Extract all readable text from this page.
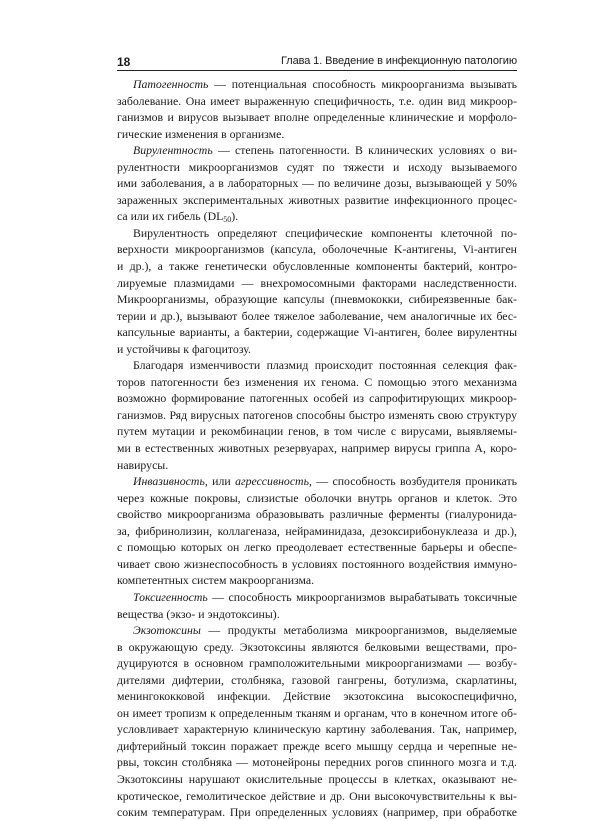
18	Глава 1. Введение в инфекционную патологию
Патогенность — потенциальная способность микроорганизма вызывать
заболевание. Она имеет выраженную специфичность, т.е. один вид микроор-
ганизмов и вирусов вызывает вполне определенные клинические и морфоло-
гические изменения в организме.
Вирулентность — степень патогенности. В клинических условиях о ви-
рулентности микроорганизмов судят по тяжести и исходу вызываемого
ими заболевания, а в лабораторных — по величине дозы, вызывающей у 50%
зараженных экспериментальных животных развитие инфекционного процес-
са или их гибель $(DL_{50})$.
Вирулентность определяют специфические компоненты клеточной по-
верхности микроорганизмов (капсула, оболочечные K-антигены, Vi-антиген
и др.), а также генетически обусловленные компоненты бактерий, контро-
лируемые плазмидами — внехромосомными факторами наследственности.
Микроорганизмы, образующие капсулы (пневмококки, сибиреязвенные бак-
терии и др.), вызывают более тяжелое заболевание, чем аналогичные их бес-
капсульные варианты, а бактерии, содержащие Vi-антиген, более вирулентны
и устойчивы к фагоцитозу.
Благодаря изменчивости плазмид происходит постоянная селекция фак-
торов патогенности без изменения их геномa. С помощью этого механизма
возможно формирование патогенных особей из сапрофитирующих микроор-
ганизмов. Ряд вирусных патогенов способны быстро изменять свою структуру
путем мутации и рекомбинации генов, в том числе с вирусами, выявляемы-
ми в естественных животных резервуарах, например вирусы гриппа А, коро-
навирусы.
Инвазивность, или агрессивность, — способность возбудителя проникать
через кожные покровы, слизистые оболочки внутрь органов и клеток. Это
свойство микроорганизма образовывать различные ферменты (гиалуронида-
за, фибринолизин, коллагеназа, нейраминидаза, дезоксирибонуклеаза и др.),
с помощью которых он легко преодолевает естественные барьеры и обеспе-
чивает свою жизнеспособность в условиях постоянного воздействия иммуно-
компетентных систем макроорганизма.
Токсигенность — способность микроорганизмов вырабатывать токсичные
вещества (экзо- и эндотоксины).
Экзотоксины — продукты метаболизма микроорганизмов, выделяемые
в окружающую среду. Экзотоксины являются белковыми веществами, про-
дуцируются в основном грамположительными микроорганизмами — возбу-
дителями дифтерии, столбняка, газовой гангрены, ботулизма, скарлатины,
менингококковой инфекции. Действие экзотоксина высокоспецифично,
он имеет тропизм к определенным тканям и органам, что в конечном итоге об-
условливает характерную клиническую картину заболевания. Так, например,
дифтерийный токсин поражает прежде всего мышцу сердца и черепные не-
рвы, токсин столбняка — мотонейроны передних рогов спинного мозга и т.д.
Экзотоксины нарушают окислительные процессы в клетках, оказывают не-
кротическое, гемолитическое действие и др. Они высокочувствительны к вы-
соким температурам. При определенных условиях (например, при обработке
